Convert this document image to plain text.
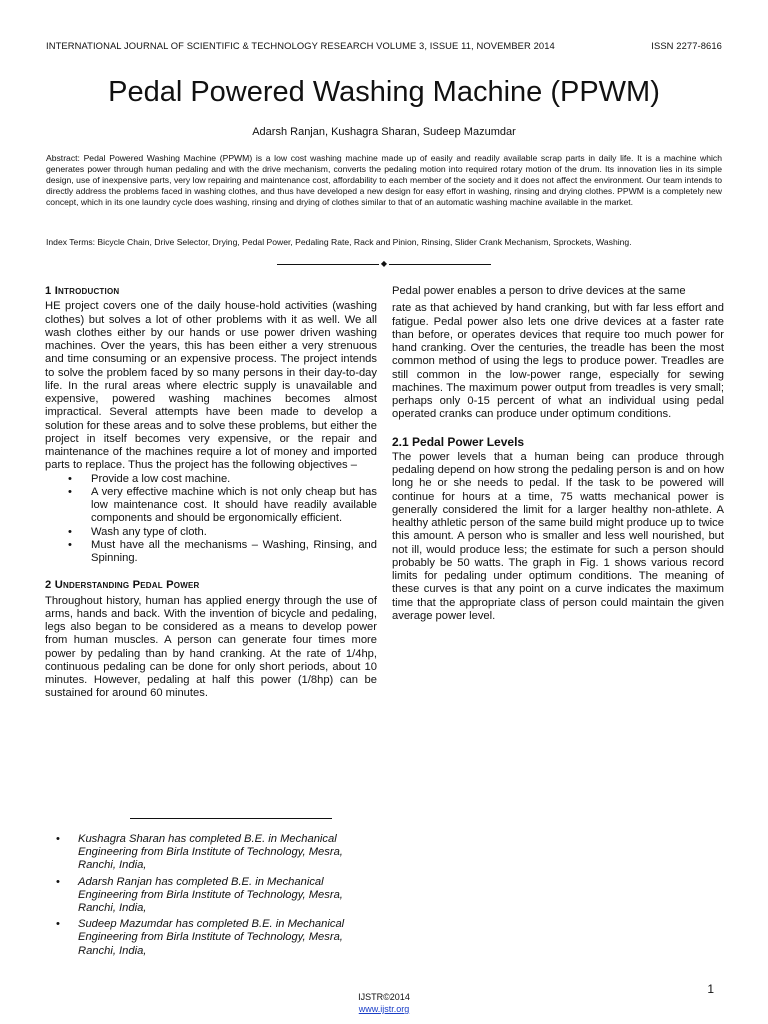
INTERNATIONAL JOURNAL OF SCIENTIFIC & TECHNOLOGY RESEARCH VOLUME 3, ISSUE 11, NOVEMBER 2014	ISSN 2277-8616
Pedal Powered Washing Machine (PPWM)
Adarsh Ranjan, Kushagra Sharan, Sudeep Mazumdar
Abstract: Pedal Powered Washing Machine (PPWM) is a low cost washing machine made up of easily and readily available scrap parts in daily life. It is a machine which generates power through human pedaling and with the drive mechanism, converts the pedaling motion into required rotary motion of the drum. Its innovation lies in its simple design, use of inexpensive parts, very low repairing and maintenance cost, affordability to each member of the society and it does not affect the environment. Our team intends to directly address the problems faced in washing clothes, and thus have developed a new design for easy effort in washing, rinsing and drying clothes. PPWM is a completely new concept, which in its one laundry cycle does washing, rinsing and drying of clothes similar to that of an automatic washing machine available in the market.
Index Terms: Bicycle Chain, Drive Selector, Drying, Pedal Power, Pedaling Rate, Rack and Pinion, Rinsing, Slider Crank Mechanism, Sprockets, Washing.
◆
1 Introduction

HE project covers one of the daily house-hold activities (washing clothes) but solves a lot of other problems with it as well. We all wash clothes either by our hands or use power driven washing machines. Over the years, this has been either a very strenuous and time consuming or an expensive process. The project intends to solve the problem faced by so many persons in their day-to-day life. In the rural areas where electric supply is unavailable and expensive, powered washing machines becomes almost impractical. Several attempts have been made to develop a solution for these areas and to solve these problems, but either the project in itself becomes very expensive, or the repair and maintenance of the machines require a lot of money and imported parts to replace. Thus the project has the following objectives –

• Provide a low cost machine.
• A very effective machine which is not only cheap but has low maintenance cost. It should have readily available components and should be ergonomically efficient.
• Wash any type of cloth.
• Must have all the mechanisms – Washing, Rinsing, and Spinning.
2 Understanding Pedal Power

Throughout history, human has applied energy through the use of arms, hands and back. With the invention of bicycle and pedaling, legs also began to be considered as a means to develop power from human muscles. A person can generate four times more power by pedaling than by hand cranking. At the rate of 1/4hp, continuous pedaling can be done for only short periods, about 10 minutes. However, pedaling at half this power (1/8hp) can be sustained for around 60 minutes.

Pedal power enables a person to drive devices at the same

rate as that achieved by hand cranking, but with far less effort and fatigue. Pedal power also lets one drive devices at a faster rate than before, or operates devices that require too much power for hand cranking. Over the centuries, the treadle has been the most common method of using the legs to produce power. Treadles are still common in the low-power range, especially for sewing machines. The maximum power output from treadles is very small; perhaps only 0-15 percent of what an individual using pedal operated cranks can produce under optimum conditions.

2.1 Pedal Power Levels

The power levels that a human being can produce through pedaling depend on how strong the pedaling person is and on how long he or she needs to pedal. If the task to be powered will continue for hours at a time, 75 watts mechanical power is generally considered the limit for a larger healthy non-athlete. A healthy athletic person of the same build might produce up to twice this amount. A person who is smaller and less well nourished, but not ill, would produce less; the estimate for such a person should probably be 50 watts. The graph in Fig. 1 shows various record limits for pedaling under optimum conditions. The meaning of these curves is that any point on a curve indicates the maximum time that the appropriate class of person could maintain the given average power level.

• Kushagra Sharan has completed B.E. in Mechanical Engineering from Birla Institute of Technology, Mesra, Ranchi, India,
• Adarsh Ranjan has completed B.E. in Mechanical Engineering from Birla Institute of Technology, Mesra, Ranchi, India,
• Sudeep Mazumdar has completed B.E. in Mechanical Engineering from Birla Institute of Technology, Mesra, Ranchi, India,
1
IJSTR©2014
www.ijstr.org
